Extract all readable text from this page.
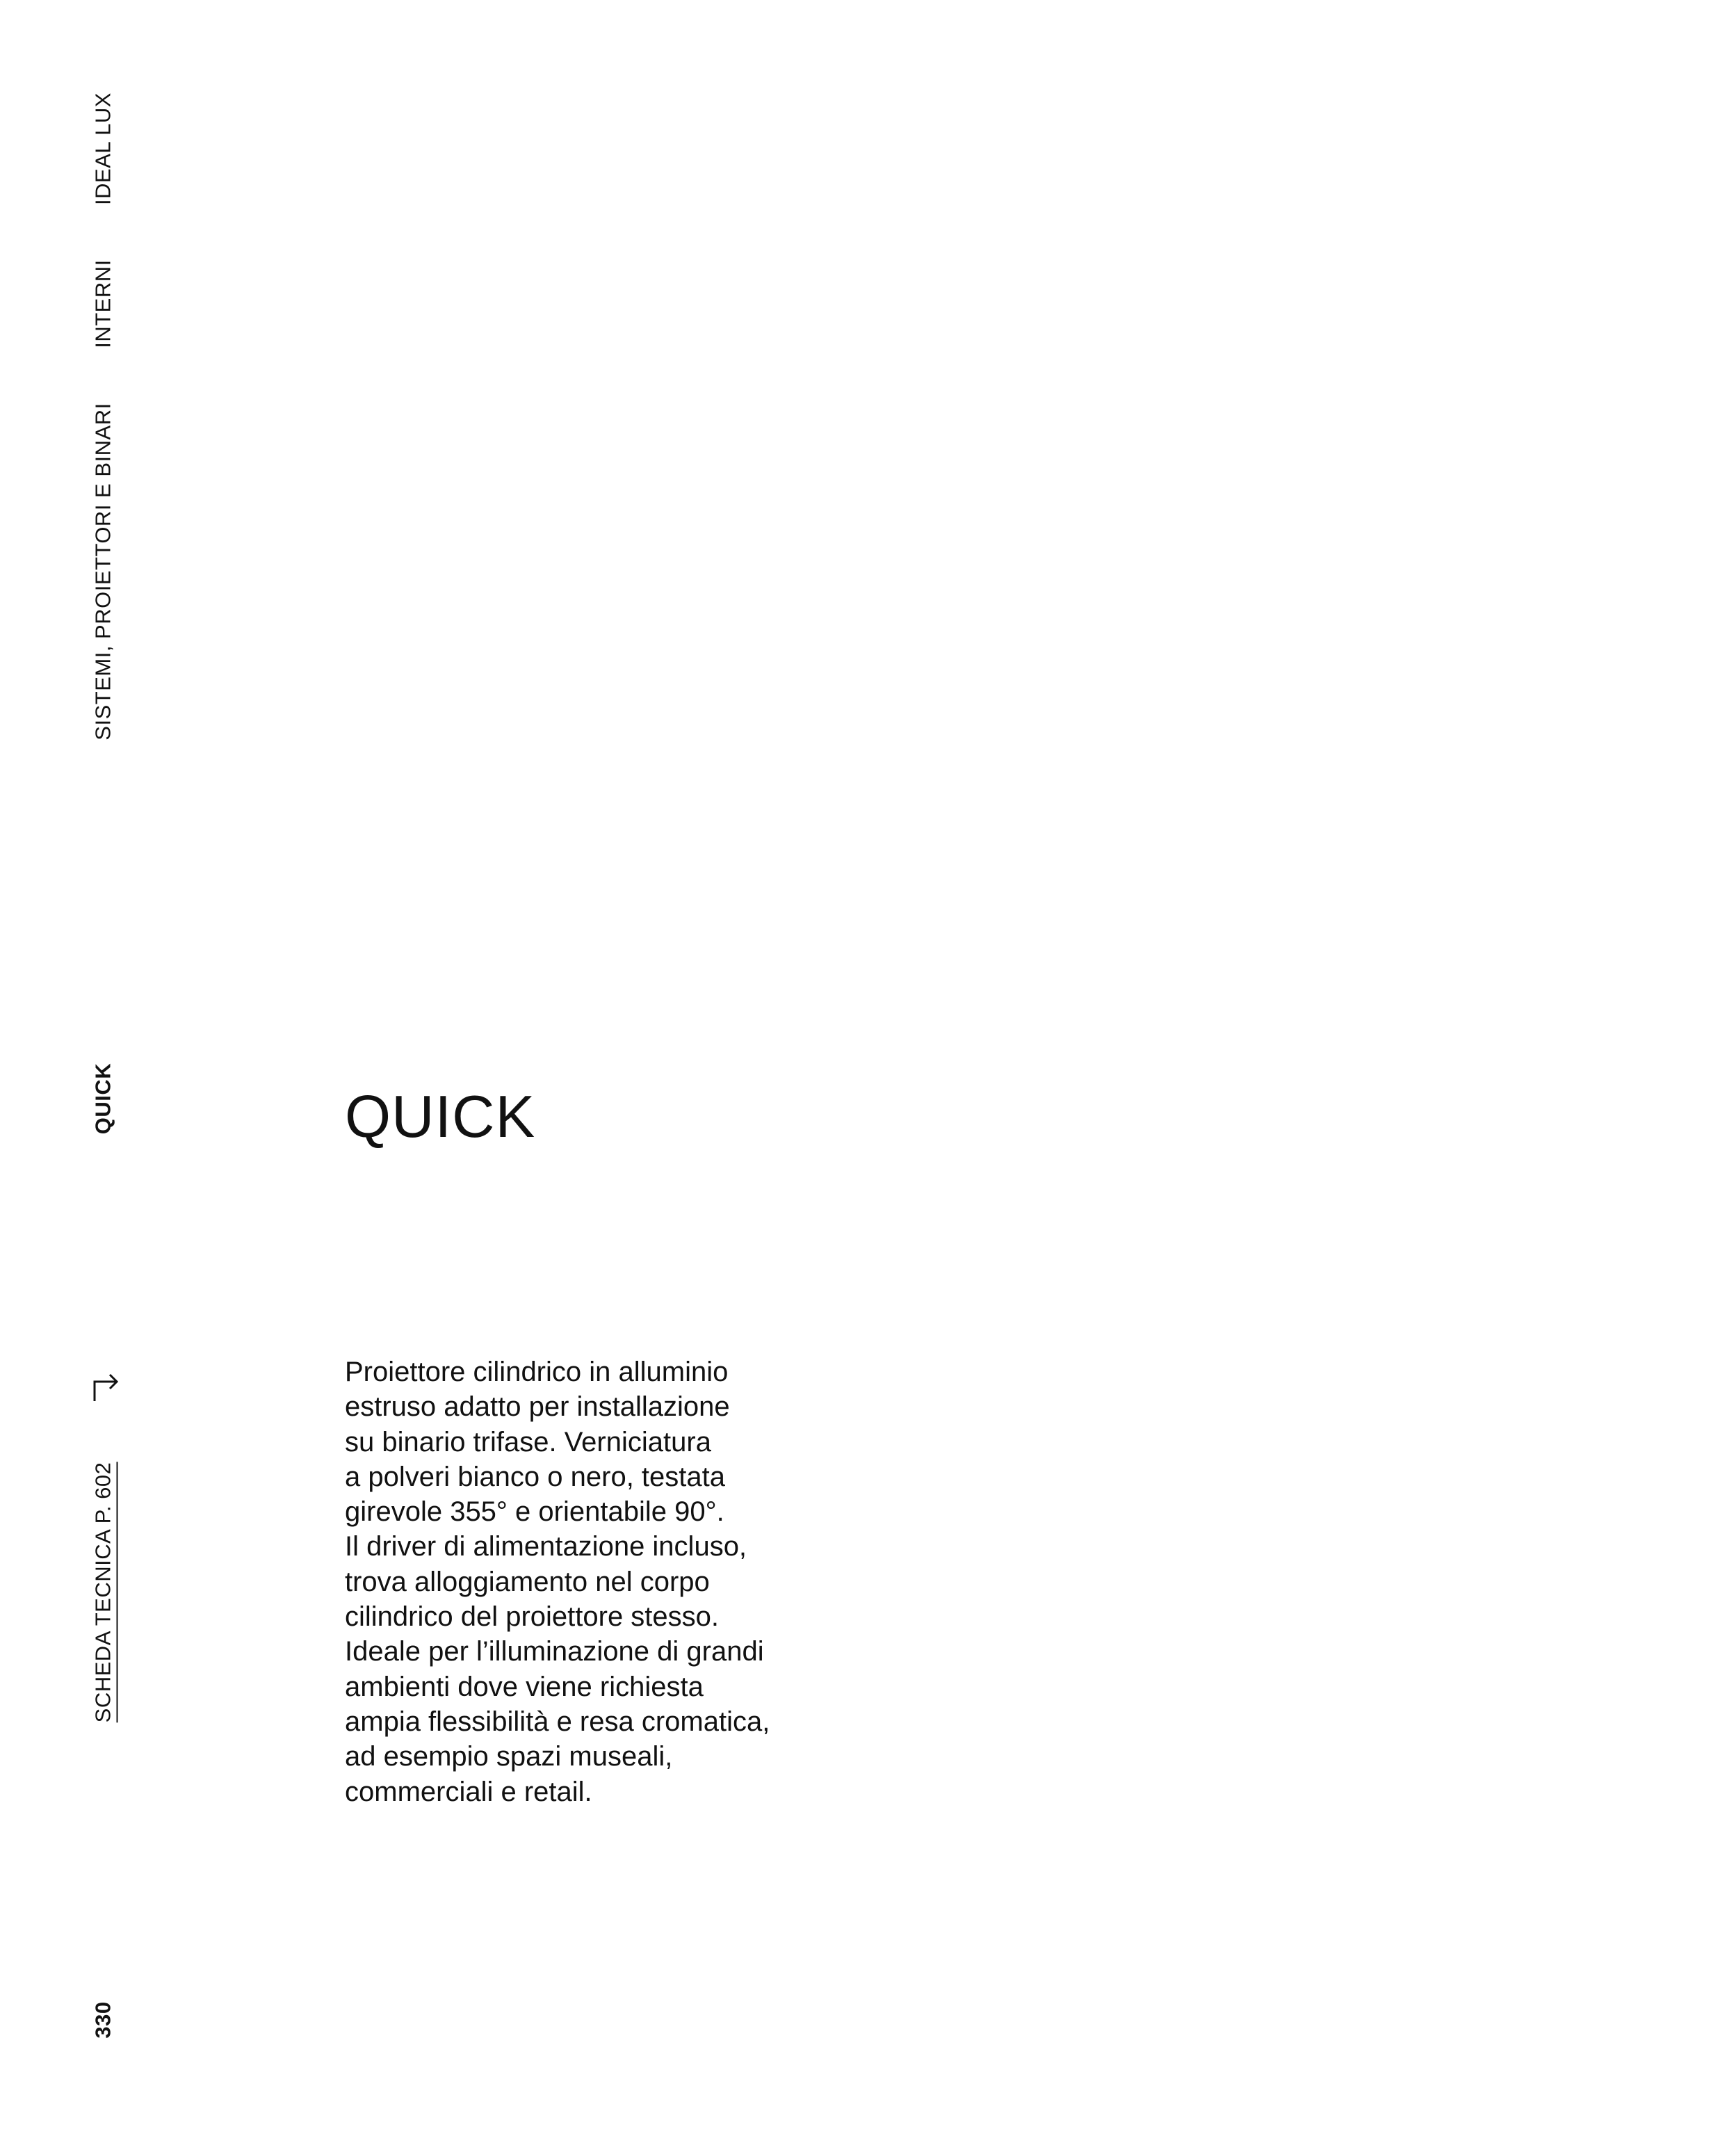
IDEAL LUX
INTERNI
SISTEMI, PROIETTORI E BINARI
QUICK
SCHEDA TECNICA P. 602
330
QUICK

Proiettore cilindrico in alluminio
estruso adatto per installazione
su binario trifase. Verniciatura
a polveri bianco o nero, testata
girevole 355° e orientabile 90°.
Il driver di alimentazione incluso,
trova alloggiamento nel corpo
cilindrico del proiettore stesso.
Ideale per l’illuminazione di grandi
ambienti dove viene richiesta
ampia flessibilità e resa cromatica,
ad esempio spazi museali,
commerciali e retail.
